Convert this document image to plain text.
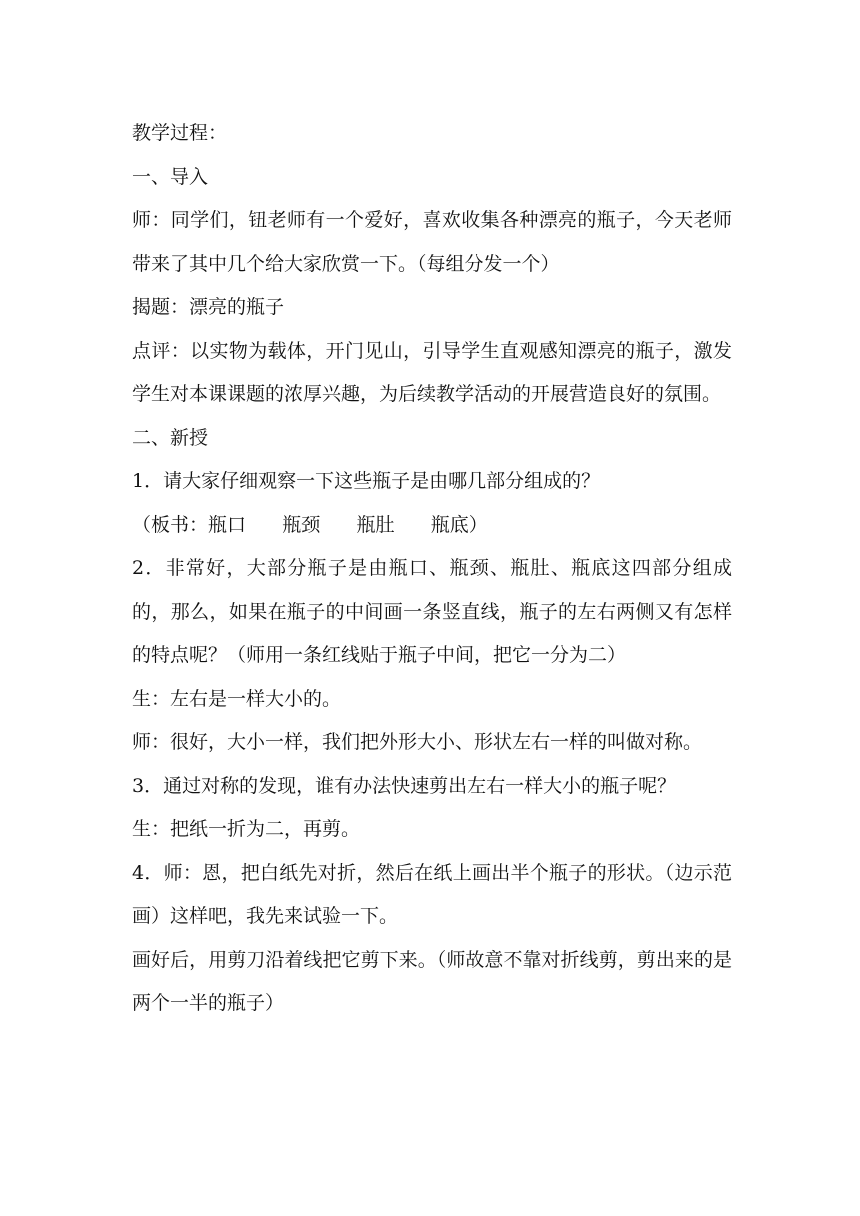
教学过程：

一、导入

师：同学们，钮老师有一个爱好，喜欢收集各种漂亮的瓶子，今天老师带来了其中几个给大家欣赏一下。（每组分发一个）

揭题：漂亮的瓶子

点评：以实物为载体，开门见山，引导学生直观感知漂亮的瓶子，激发学生对本课课题的浓厚兴趣，为后续教学活动的开展营造良好的氛围。

二、新授

1．请大家仔细观察一下这些瓶子是由哪几部分组成的？

（板书：瓶口      瓶颈      瓶肚      瓶底）

2．非常好，大部分瓶子是由瓶口、瓶颈、瓶肚、瓶底这四部分组成的，那么，如果在瓶子的中间画一条竖直线，瓶子的左右两侧又有怎样的特点呢？（师用一条红线贴于瓶子中间，把它一分为二）

生：左右是一样大小的。

师：很好，大小一样，我们把外形大小、形状左右一样的叫做对称。

3．通过对称的发现，谁有办法快速剪出左右一样大小的瓶子呢？

生：把纸一折为二，再剪。

4．师：恩，把白纸先对折，然后在纸上画出半个瓶子的形状。（边示范画）这样吧，我先来试验一下。

画好后，用剪刀沿着线把它剪下来。（师故意不靠对折线剪，剪出来的是两个一半的瓶子）
